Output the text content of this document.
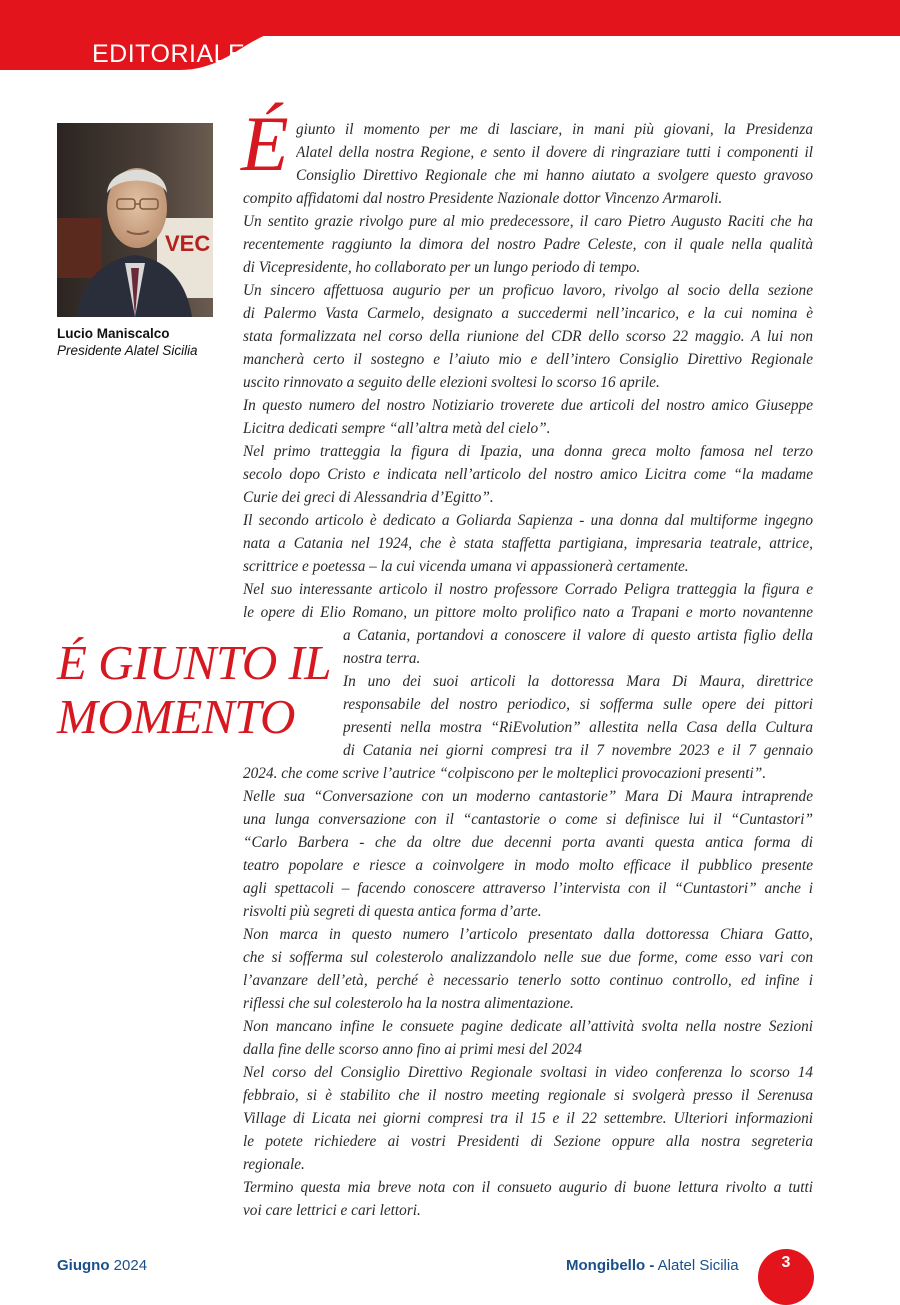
EDITORIALE
VEC
Lucio Maniscalco
Presidente Alatel Sicilia
É GIUNTO IL
MOMENTO
É giunto il momento per me di lasciare, in mani più giovani, la Presidenza
Alatel della nostra Regione, e sento il dovere di ringraziare tutti i componenti il
Consiglio Direttivo Regionale che mi hanno aiutato a svolgere questo gravoso
compito affidatomi dal nostro Presidente Nazionale dottor Vincenzo Armaroli.
Un sentito grazie rivolgo pure al mio predecessore, il caro Pietro Augusto Raciti che ha
recentemente raggiunto la dimora del nostro Padre Celeste, con il quale nella qualità
di Vicepresidente, ho collaborato per un lungo periodo di tempo.
Un sincero affettuosa augurio per un proficuo lavoro, rivolgo al socio della sezione
di Palermo Vasta Carmelo, designato a succedermi nell’incarico, e la cui nomina è
stata formalizzata nel corso della riunione del CDR dello scorso 22 maggio. A lui non
mancherà certo il sostegno e l’aiuto mio e dell’intero Consiglio Direttivo Regionale
uscito rinnovato a seguito delle elezioni svoltesi lo scorso 16 aprile.
In questo numero del nostro Notiziario troverete due articoli del nostro amico Giuseppe
Licitra dedicati sempre “all’altra metà del cielo”.
Nel primo tratteggia la figura di Ipazia, una donna greca molto famosa nel terzo
secolo dopo Cristo e indicata nell’articolo del nostro amico Licitra come “la madame
Curie dei greci di Alessandria d’Egitto”.
Il secondo articolo è dedicato a Goliarda Sapienza - una donna dal multiforme ingegno
nata a Catania nel 1924, che è stata staffetta partigiana, impresaria teatrale, attrice,
scrittrice e poetessa – la cui vicenda umana vi appassionerà certamente.
Nel suo interessante articolo il nostro professore Corrado Peligra tratteggia la figura e
le opere di Elio Romano, un pittore molto prolifico nato a Trapani e morto novantenne
a Catania, portandovi a conoscere il valore di questo artista figlio della
nostra terra.
In uno dei suoi articoli la dottoressa Mara Di Maura, direttrice
responsabile del nostro periodico, si sofferma sulle opere dei pittori
presenti nella mostra “RiEvolution” allestita nella Casa della Cultura
di Catania nei giorni compresi tra il 7 novembre 2023 e il 7 gennaio
2024. che come scrive l’autrice “colpiscono per le molteplici provocazioni presenti”.
Nelle sua “Conversazione con un moderno cantastorie” Mara Di Maura intraprende
una lunga conversazione con il “cantastorie o come si definisce lui il “Cuntastori”
“Carlo Barbera - che da oltre due decenni porta avanti questa antica forma di
teatro popolare e riesce a coinvolgere in modo molto efficace il pubblico presente
agli spettacoli – facendo conoscere attraverso l’intervista con il “Cuntastori” anche i
risvolti più segreti di questa antica forma d’arte.
Non marca in questo numero l’articolo presentato dalla dottoressa Chiara Gatto,
che si sofferma sul colesterolo analizzandolo nelle sue due forme, come esso vari con
l’avanzare dell’età, perché è necessario tenerlo sotto continuo controllo, ed infine i
riflessi che sul colesterolo ha la nostra alimentazione.
Non mancano infine le consuete pagine dedicate all’attività svolta nella nostre Sezioni
dalla fine delle scorso anno fino ai primi mesi del 2024
Nel corso del Consiglio Direttivo Regionale svoltasi in video conferenza lo scorso 14
febbraio, si è stabilito che il nostro meeting regionale si svolgerà presso il Serenusa
Village di Licata nei giorni compresi tra il 15 e il 22 settembre. Ulteriori informazioni
le potete richiedere ai vostri Presidenti di Sezione oppure alla nostra segreteria
regionale.
Termino questa mia breve nota con il consueto augurio di buone lettura rivolto a tutti
voi care lettrici e cari lettori.
Giugno 2024	Mongibello - Alatel Sicilia	3
